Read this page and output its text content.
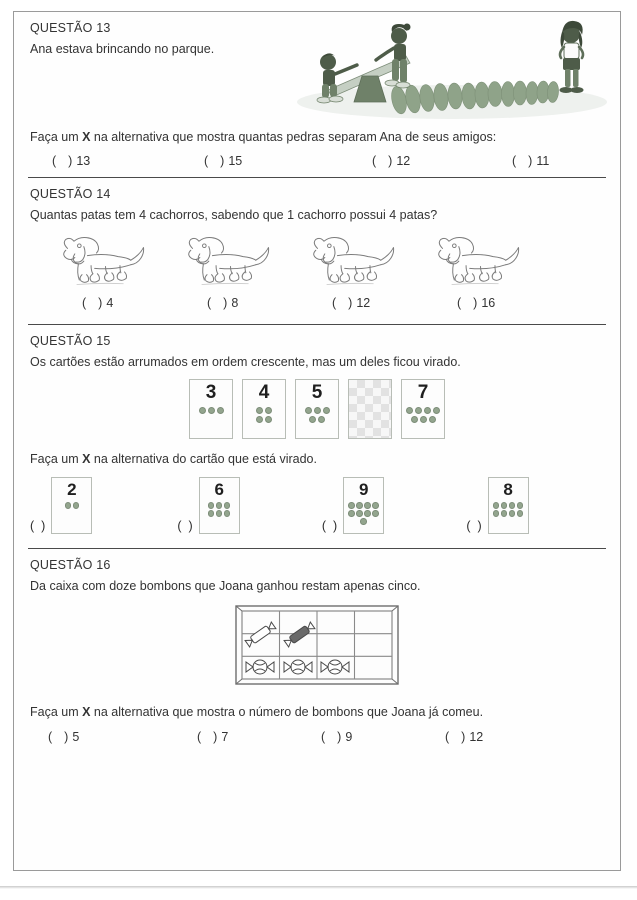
QUESTÃO 13
Ana estava brincando no parque.
Faça um X na alternativa que mostra quantas pedras separam Ana de seus amigos:
( ) 13	( ) 15	( ) 12	( ) 11
QUESTÃO 14
Quantas patas tem 4 cachorros, sabendo que 1 cachorro possui 4 patas?
( ) 4	( ) 8	( ) 12	( ) 16
QUESTÃO 15
Os cartões estão arrumados em ordem crescente, mas um deles ficou virado.
3 4 5	7
Faça um X na alternativa do cartão que está virado.
( )
2
( )
6
( )
9
( )
8
QUESTÃO 16
Da caixa com doze bombons que Joana ganhou restam apenas cinco.
Faça um X na alternativa que mostra o número de bombons que Joana já comeu.
( ) 5	( ) 7	( ) 9	( ) 12
